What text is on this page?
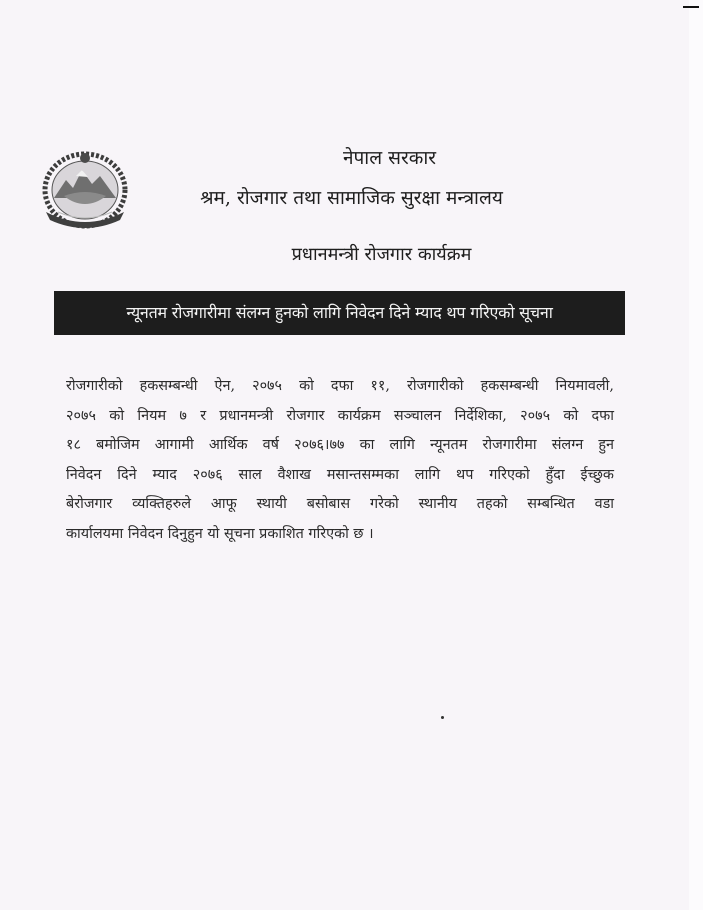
नेपाल सरकार
श्रम, रोजगार तथा सामाजिक सुरक्षा मन्त्रालय
प्रधानमन्त्री रोजगार कार्यक्रम
न्यूनतम रोजगारीमा संलग्न हुनको लागि निवेदन दिने म्याद थप गरिएको सूचना
रोजगारीको हकसम्बन्धी ऐन, २०७५ को दफा ११, रोजगारीको हकसम्बन्धी नियमावली,
२०७५ को नियम ७ र प्रधानमन्त्री रोजगार कार्यक्रम सञ्चालन निर्देशिका, २०७५ को दफा
१८ बमोजिम आगामी आर्थिक वर्ष २०७६।७७ का लागि न्यूनतम रोजगारीमा संलग्न हुन
निवेदन दिने म्याद २०७६ साल वैशाख मसान्तसम्मका लागि थप गरिएको हुँदा ईच्छुक
बेरोजगार व्यक्तिहरुले आफू स्थायी बसोबास गरेको स्थानीय तहको सम्बन्धित वडा
कार्यालयमा निवेदन दिनुहुन यो सूचना प्रकाशित गरिएको छ ।
